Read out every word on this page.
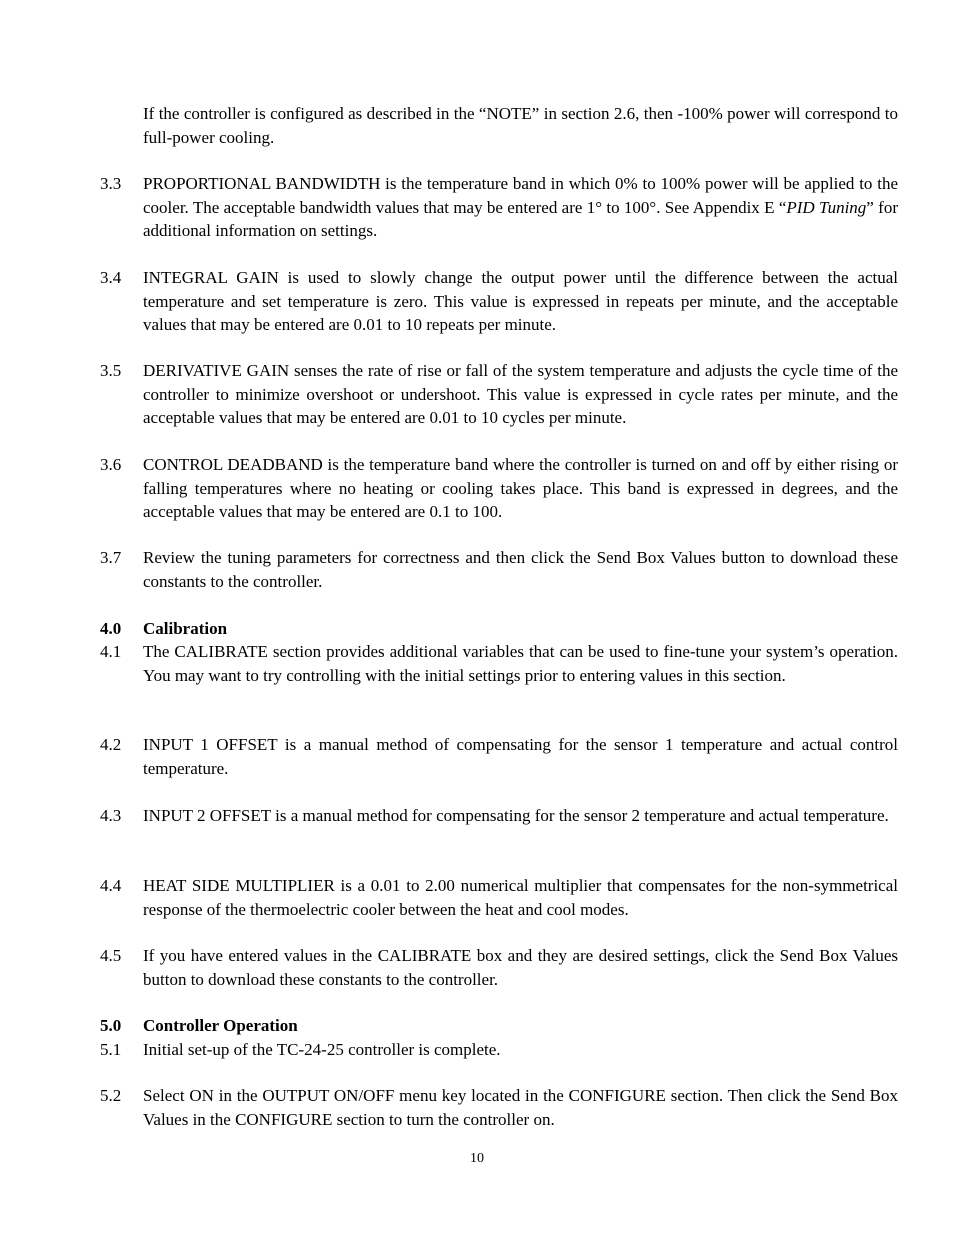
If the controller is configured as described in the “NOTE” in section 2.6, then -100% power will correspond to full-power cooling.

3.3	PROPORTIONAL BANDWIDTH is the temperature band in which 0% to 100% power will be applied to the cooler. The acceptable bandwidth values that may be entered are 1° to 100°. See Appendix E “PID Tuning” for additional information on settings.

3.4	INTEGRAL GAIN is used to slowly change the output power until the difference between the actual temperature and set temperature is zero. This value is expressed in repeats per minute, and the acceptable values that may be entered are 0.01 to 10 repeats per minute.

3.5	DERIVATIVE GAIN senses the rate of rise or fall of the system temperature and adjusts the cycle time of the controller to minimize overshoot or undershoot. This value is expressed in cycle rates per minute, and the acceptable values that may be entered are 0.01 to 10 cycles per minute.

3.6	CONTROL DEADBAND is the temperature band where the controller is turned on and off by either rising or falling temperatures where no heating or cooling takes place. This band is expressed in degrees, and the acceptable values that may be entered are 0.1 to 100.

3.7	Review the tuning parameters for correctness and then click the Send Box Values button to download these constants to the controller.

4.0	Calibration

4.1	The CALIBRATE section provides additional variables that can be used to fine-tune your system’s operation. You may want to try controlling with the initial settings prior to entering values in this section.

4.2	INPUT 1 OFFSET is a manual method of compensating for the sensor 1 temperature and actual control temperature.

4.3	INPUT 2 OFFSET is a manual method for compensating for the sensor 2 temperature and actual temperature.

4.4	HEAT SIDE MULTIPLIER is a 0.01 to 2.00 numerical multiplier that compensates for the non-symmetrical response of the thermoelectric cooler between the heat and cool modes.

4.5	If you have entered values in the CALIBRATE box and they are desired settings, click the Send Box Values button to download these constants to the controller.

5.0	Controller Operation

5.1	Initial set-up of the TC-24-25 controller is complete.

5.2	Select ON in the OUTPUT ON/OFF menu key located in the CONFIGURE section. Then click the Send Box Values in the CONFIGURE section to turn the controller on.

10
